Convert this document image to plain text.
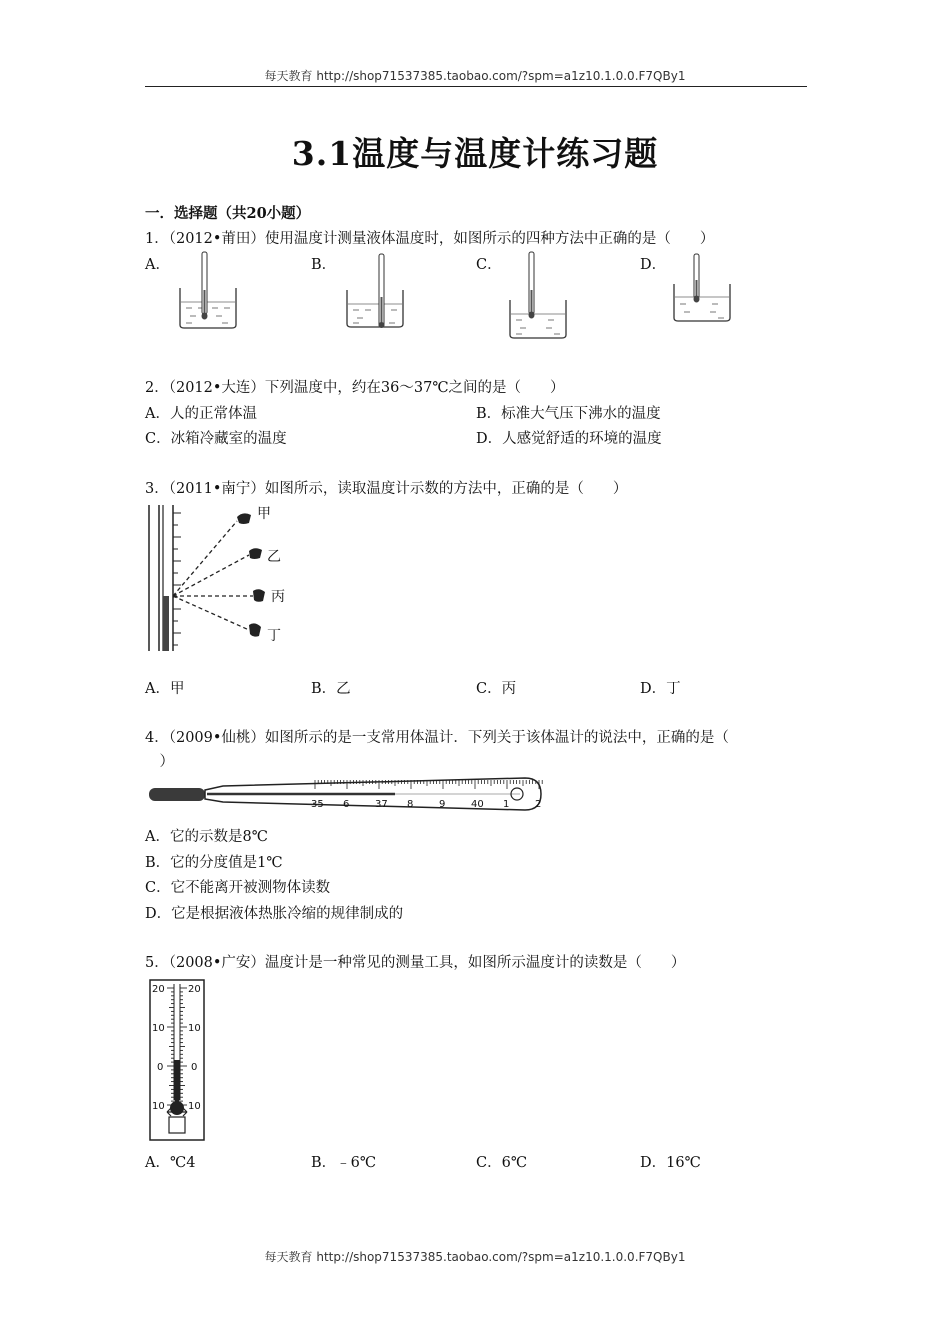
每天教育 http://shop71537385.taobao.com/?spm=a1z10.1.0.0.F7QBy1
3.1温度与温度计练习题
一．选择题（共20小题）
1．（2012•莆田）使用温度计测量液体温度时，如图所示的四种方法中正确的是（　　）
A．	B．	C．	D．
2．（2012•大连）下列温度中，约在36～37℃之间的是（　　）
A．人的正常体温	B．标准大气压下沸水的温度
C．冰箱冷藏室的温度	D．人感觉舒适的环境的温度
3．（2011•南宁）如图所示，读取温度计示数的方法中，正确的是（　　）
甲
乙
丙
丁
A．甲	B．乙	C．丙	D．丁
4．（2009•仙桃）如图所示的是一支常用体温计．下列关于该体温计的说法中，正确的是（
　）
35 6	37 8	9	40 1	2
A．它的示数是8℃
B．它的分度值是1℃
C．它不能离开被测物体读数
D．它是根据液体热胀冷缩的规律制成的
5．（2008•广安）温度计是一种常见的测量工具，如图所示温度计的读数是（　　）
20 20
10 10
0	0
10 10
A．℃4	B．﹣6℃	C．6℃	D．16℃
每天教育 http://shop71537385.taobao.com/?spm=a1z10.1.0.0.F7QBy1
